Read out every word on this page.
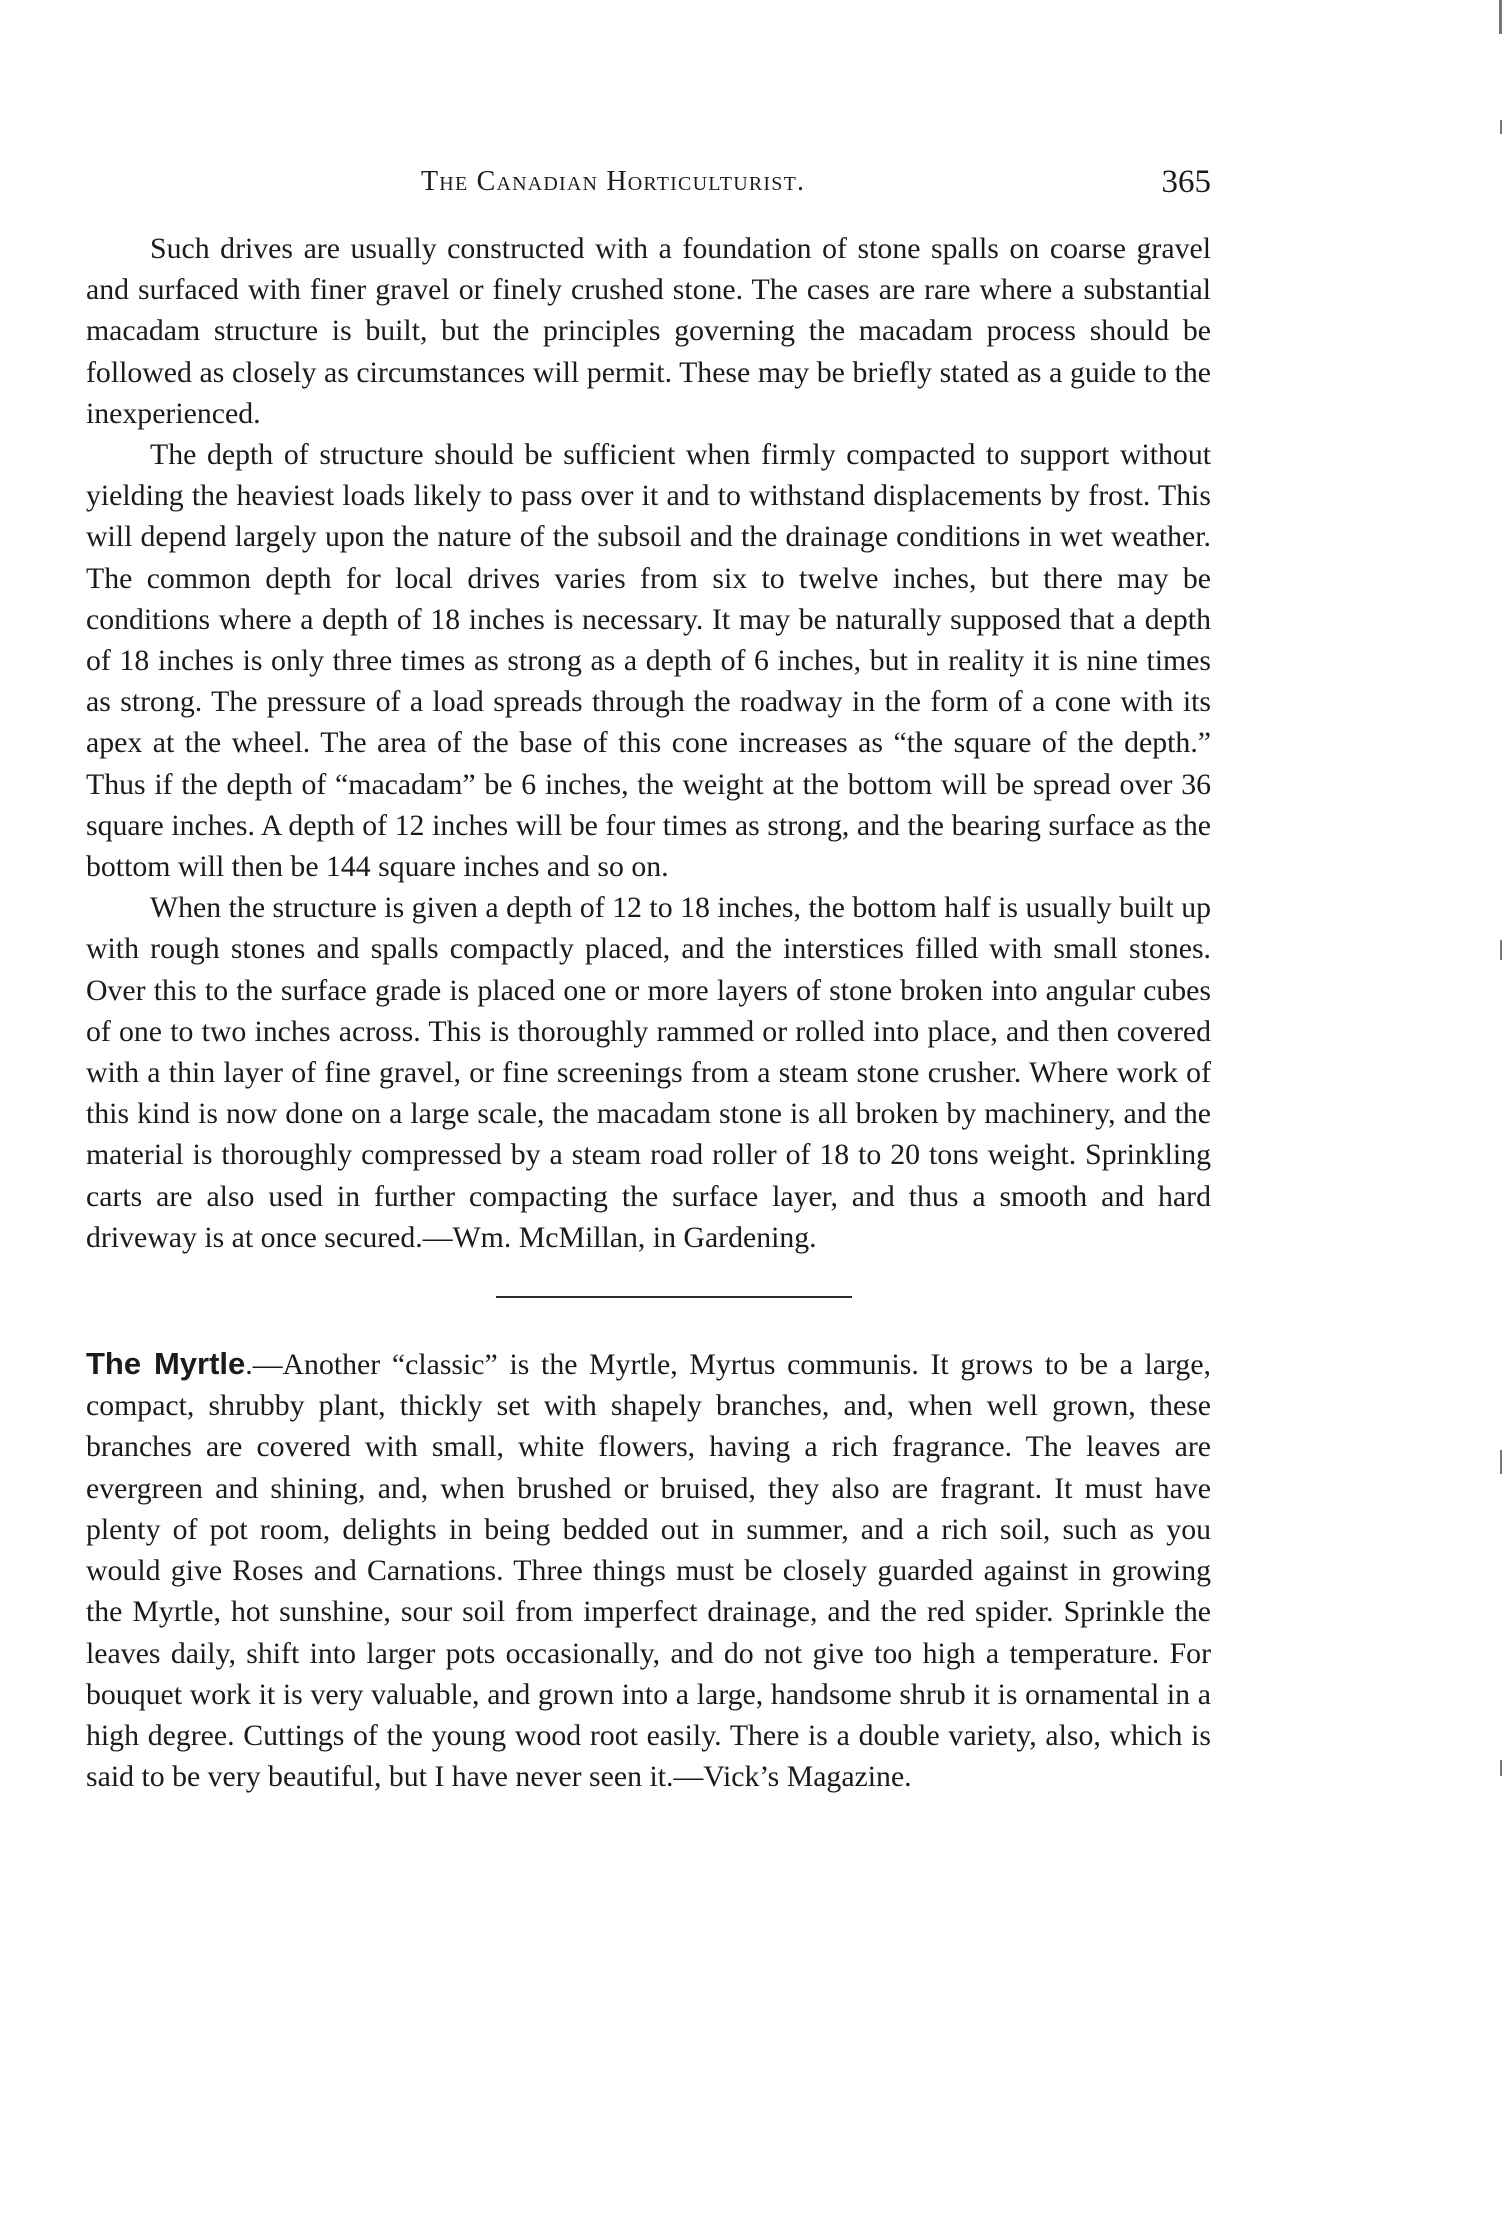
The Canadian Horticulturist.	365

Such drives are usually constructed with a foundation of stone spalls on coarse gravel and surfaced with finer gravel or finely crushed stone. The cases are rare where a substantial macadam structure is built, but the principles governing the macadam process should be followed as closely as circumstances will permit. These may be briefly stated as a guide to the inexperienced.

The depth of structure should be sufficient when firmly compacted to support without yielding the heaviest loads likely to pass over it and to withstand displacements by frost. This will depend largely upon the nature of the subsoil and the drainage conditions in wet weather. The common depth for local drives varies from six to twelve inches, but there may be conditions where a depth of 18 inches is necessary. It may be naturally supposed that a depth of 18 inches is only three times as strong as a depth of 6 inches, but in reality it is nine times as strong. The pressure of a load spreads through the roadway in the form of a cone with its apex at the wheel. The area of the base of this cone increases as “the square of the depth.” Thus if the depth of “macadam” be 6 inches, the weight at the bottom will be spread over 36 square inches. A depth of 12 inches will be four times as strong, and the bearing surface as the bottom will then be 144 square inches and so on.

When the structure is given a depth of 12 to 18 inches, the bottom half is usually built up with rough stones and spalls compactly placed, and the interstices filled with small stones. Over this to the surface grade is placed one or more layers of stone broken into angular cubes of one to two inches across. This is thoroughly rammed or rolled into place, and then covered with a thin layer of fine gravel, or fine screenings from a steam stone crusher. Where work of this kind is now done on a large scale, the macadam stone is all broken by machinery, and the material is thoroughly compressed by a steam road roller of 18 to 20 tons weight. Sprinkling carts are also used in further compacting the surface layer, and thus a smooth and hard driveway is at once secured.—Wm. McMillan, in Gardening.

The Myrtle.—Another “classic” is the Myrtle, Myrtus communis. It grows to be a large, compact, shrubby plant, thickly set with shapely branches, and, when well grown, these branches are covered with small, white flowers, having a rich fragrance. The leaves are evergreen and shining, and, when brushed or bruised, they also are fragrant. It must have plenty of pot room, delights in being bedded out in summer, and a rich soil, such as you would give Roses and Carnations. Three things must be closely guarded against in growing the Myrtle, hot sunshine, sour soil from imperfect drainage, and the red spider. Sprinkle the leaves daily, shift into larger pots occasionally, and do not give too high a temperature. For bouquet work it is very valuable, and grown into a large, handsome shrub it is ornamental in a high degree. Cuttings of the young wood root easily. There is a double variety, also, which is said to be very beautiful, but I have never seen it.—Vick’s Magazine.
